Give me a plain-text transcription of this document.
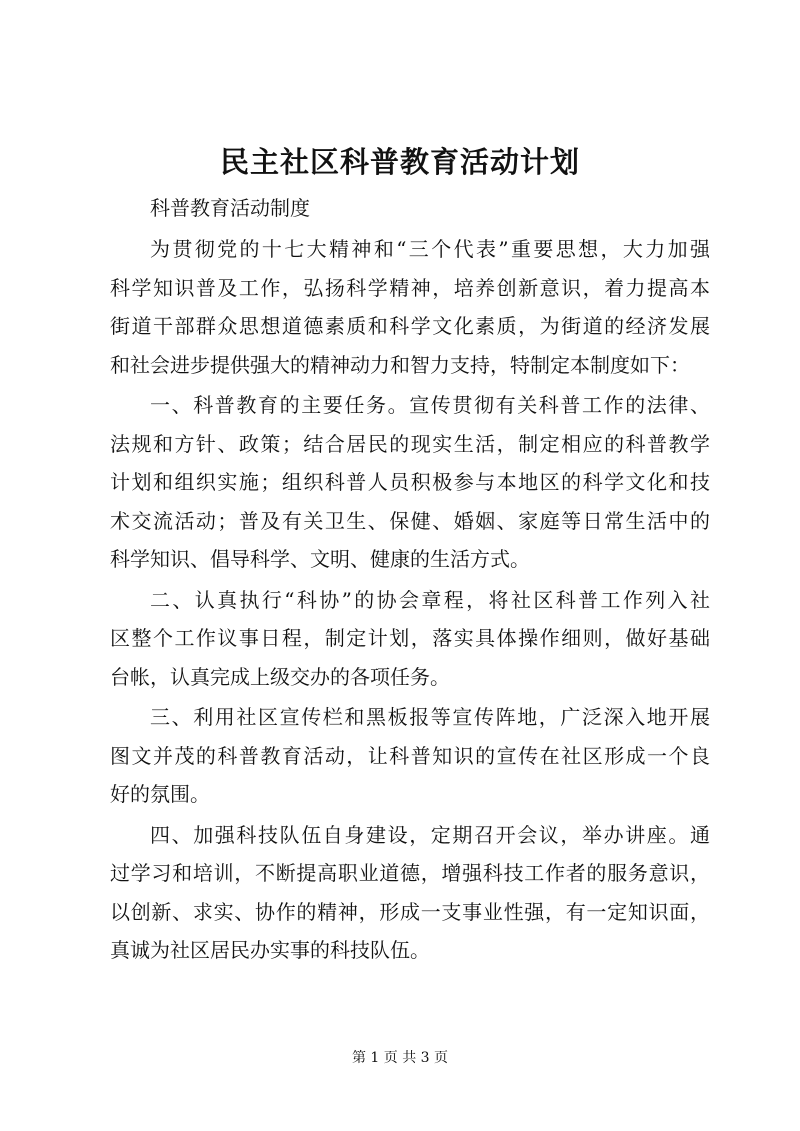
民主社区科普教育活动计划

科普教育活动制度

为贯彻党的十七大精神和“三个代表”重要思想，大力加强
科学知识普及工作，弘扬科学精神，培养创新意识，着力提高本
街道干部群众思想道德素质和科学文化素质，为街道的经济发展
和社会进步提供强大的精神动力和智力支持，特制定本制度如下：

一、科普教育的主要任务。宣传贯彻有关科普工作的法律、
法规和方针、政策；结合居民的现实生活，制定相应的科普教学
计划和组织实施；组织科普人员积极参与本地区的科学文化和技
术交流活动；普及有关卫生、保健、婚姻、家庭等日常生活中的
科学知识、倡导科学、文明、健康的生活方式。

二、认真执行“科协”的协会章程，将社区科普工作列入社
区整个工作议事日程，制定计划，落实具体操作细则，做好基础
台帐，认真完成上级交办的各项任务。

三、利用社区宣传栏和黑板报等宣传阵地，广泛深入地开展
图文并茂的科普教育活动，让科普知识的宣传在社区形成一个良
好的氛围。

四、加强科技队伍自身建设，定期召开会议，举办讲座。通
过学习和培训，不断提高职业道德，增强科技工作者的服务意识，
以创新、求实、协作的精神，形成一支事业性强，有一定知识面，
真诚为社区居民办实事的科技队伍。

第 1 页 共 3 页
